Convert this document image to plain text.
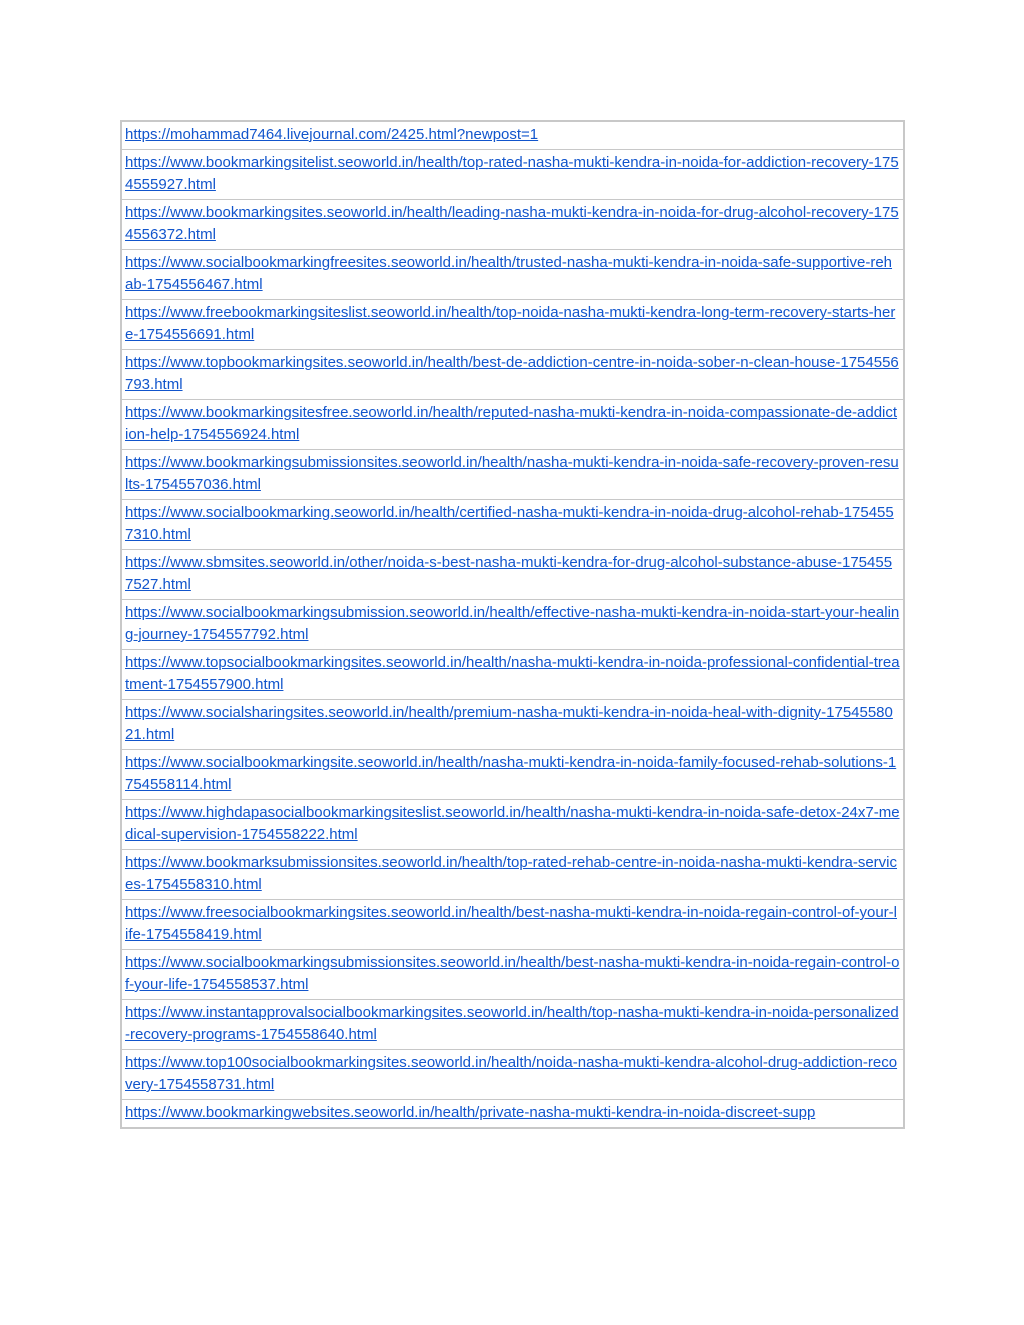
https://mohammad7464.livejournal.com/2425.html?newpost=1
https://www.bookmarkingsitelist.seoworld.in/health/top-rated-nasha-mukti-kendra-in-noida-for-addiction-recovery-1754555927.html
https://www.bookmarkingsites.seoworld.in/health/leading-nasha-mukti-kendra-in-noida-for-drug-alcohol-recovery-1754556372.html
https://www.socialbookmarkingfreesites.seoworld.in/health/trusted-nasha-mukti-kendra-in-noida-safe-supportive-rehab-1754556467.html
https://www.freebookmarkingsiteslist.seoworld.in/health/top-noida-nasha-mukti-kendra-long-term-recovery-starts-here-1754556691.html
https://www.topbookmarkingsites.seoworld.in/health/best-de-addiction-centre-in-noida-sober-n-clean-house-1754556793.html
https://www.bookmarkingsitesfree.seoworld.in/health/reputed-nasha-mukti-kendra-in-noida-compassionate-de-addiction-help-1754556924.html
https://www.bookmarkingsubmissionsites.seoworld.in/health/nasha-mukti-kendra-in-noida-safe-recovery-proven-results-1754557036.html
https://www.socialbookmarking.seoworld.in/health/certified-nasha-mukti-kendra-in-noida-drug-alcohol-rehab-1754557310.html
https://www.sbmsites.seoworld.in/other/noida-s-best-nasha-mukti-kendra-for-drug-alcohol-substance-abuse-1754557527.html
https://www.socialbookmarkingsubmission.seoworld.in/health/effective-nasha-mukti-kendra-in-noida-start-your-healing-journey-1754557792.html
https://www.topsocialbookmarkingsites.seoworld.in/health/nasha-mukti-kendra-in-noida-professional-confidential-treatment-1754557900.html
https://www.socialsharingsites.seoworld.in/health/premium-nasha-mukti-kendra-in-noida-heal-with-dignity-1754558021.html
https://www.socialbookmarkingsite.seoworld.in/health/nasha-mukti-kendra-in-noida-family-focused-rehab-solutions-1754558114.html
https://www.highdapasocialbookmarkingsiteslist.seoworld.in/health/nasha-mukti-kendra-in-noida-safe-detox-24x7-medical-supervision-1754558222.html
https://www.bookmarksubmissionsites.seoworld.in/health/top-rated-rehab-centre-in-noida-nasha-mukti-kendra-services-1754558310.html
https://www.freesocialbookmarkingsites.seoworld.in/health/best-nasha-mukti-kendra-in-noida-regain-control-of-your-life-1754558419.html
https://www.socialbookmarkingsubmissionsites.seoworld.in/health/best-nasha-mukti-kendra-in-noida-regain-control-of-your-life-1754558537.html
https://www.instantapprovalsocialbookmarkingsites.seoworld.in/health/top-nasha-mukti-kendra-in-noida-personalized-recovery-programs-1754558640.html
https://www.top100socialbookmarkingsites.seoworld.in/health/noida-nasha-mukti-kendra-alcohol-drug-addiction-recovery-1754558731.html
https://www.bookmarkingwebsites.seoworld.in/health/private-nasha-mukti-kendra-in-noida-discreet-supp
